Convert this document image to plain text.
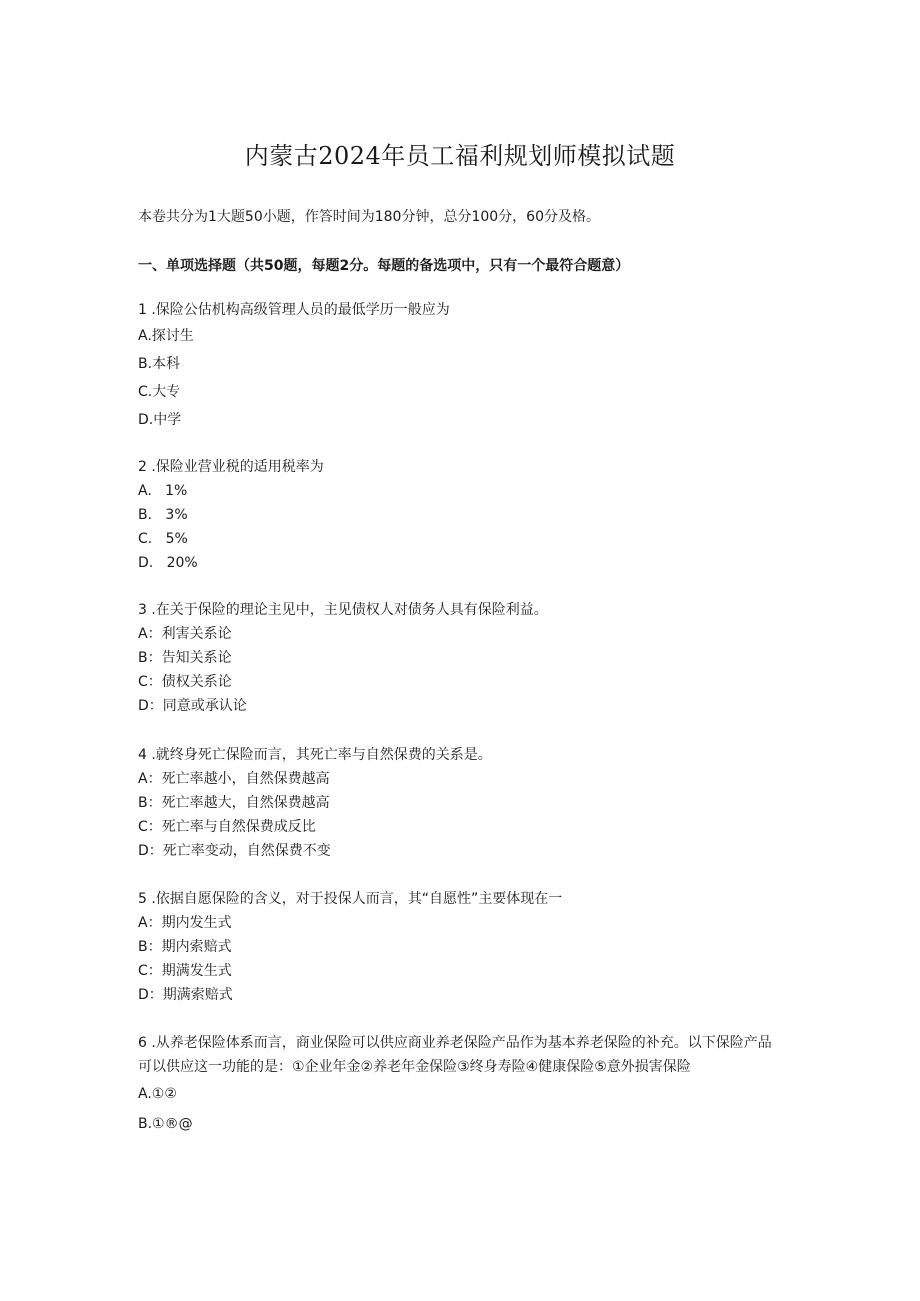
内蒙古2024年员工福利规划师模拟试题
本卷共分为1大题50小题，作答时间为180分钟，总分100分，60分及格。
一、单项选择题（共50题，每题2分。每题的备选项中，只有一个最符合题意）
1 .保险公估机构高级管理人员的最低学历一般应为
A.探讨生
B.本科
C.大专
D.中学
2 .保险业营业税的适用税率为
A.   1%
B.   3%
C.   5%
D.   20%
3 .在关于保险的理论主见中，主见债权人对债务人具有保险利益。
A：利害关系论
B：告知关系论
C：债权关系论
D：同意或承认论
4 .就终身死亡保险而言，其死亡率与自然保费的关系是。
A：死亡率越小，自然保费越高
B：死亡率越大，自然保费越高
C：死亡率与自然保费成反比
D：死亡率变动，自然保费不变
5 .依据自愿保险的含义，对于投保人而言，其“自愿性”主要体现在一
A：期内发生式
B：期内索赔式
C：期满发生式
D：期满索赔式
6 .从养老保险体系而言，商业保险可以供应商业养老保险产品作为基本养老保险的补充。以下保险产品可以供应这一功能的是：①企业年金②养老年金保险③终身寿险④健康保险⑤意外损害保险
A.①②
B.①®@
